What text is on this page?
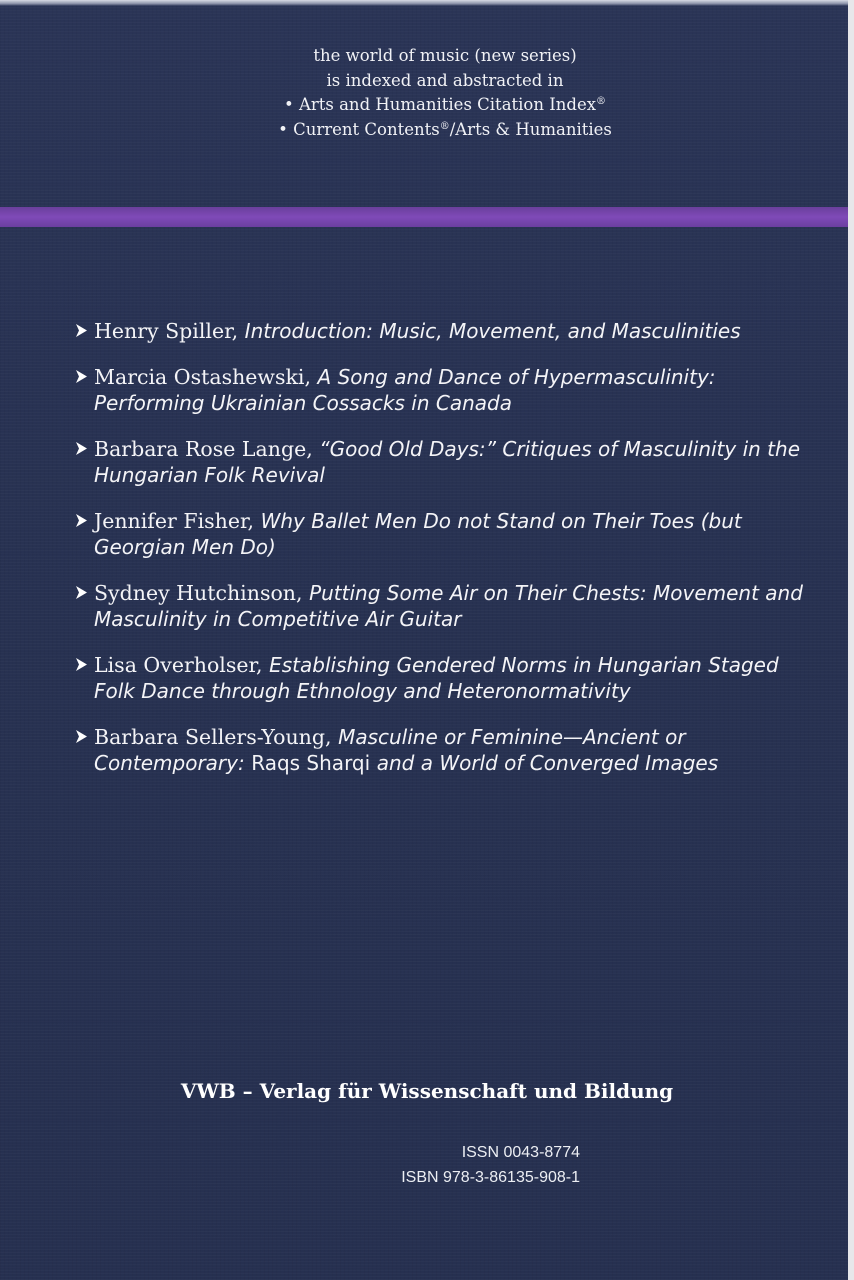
the world of music (new series)
is indexed and abstracted in
• Arts and Humanities Citation Index®
• Current Contents®/Arts & Humanities
Henry Spiller, Introduction: Music, Movement, and Masculinities
Marcia Ostashewski, A Song and Dance of Hypermasculinity: Performing Ukrainian Cossacks in Canada
Barbara Rose Lange, “Good Old Days:” Critiques of Masculinity in the Hungarian Folk Revival
Jennifer Fisher, Why Ballet Men Do not Stand on Their Toes (but Georgian Men Do)
Sydney Hutchinson, Putting Some Air on Their Chests: Movement and Masculinity in Competitive Air Guitar
Lisa Overholser, Establishing Gendered Norms in Hungarian Staged Folk Dance through Ethnology and Heteronormativity
Barbara Sellers-Young, Masculine or Feminine—Ancient or Contemporary: Raqs Sharqi and a World of Converged Images
VWB – Verlag für Wissenschaft und Bildung
ISSN 0043-8774
ISBN 978-3-86135-908-1
